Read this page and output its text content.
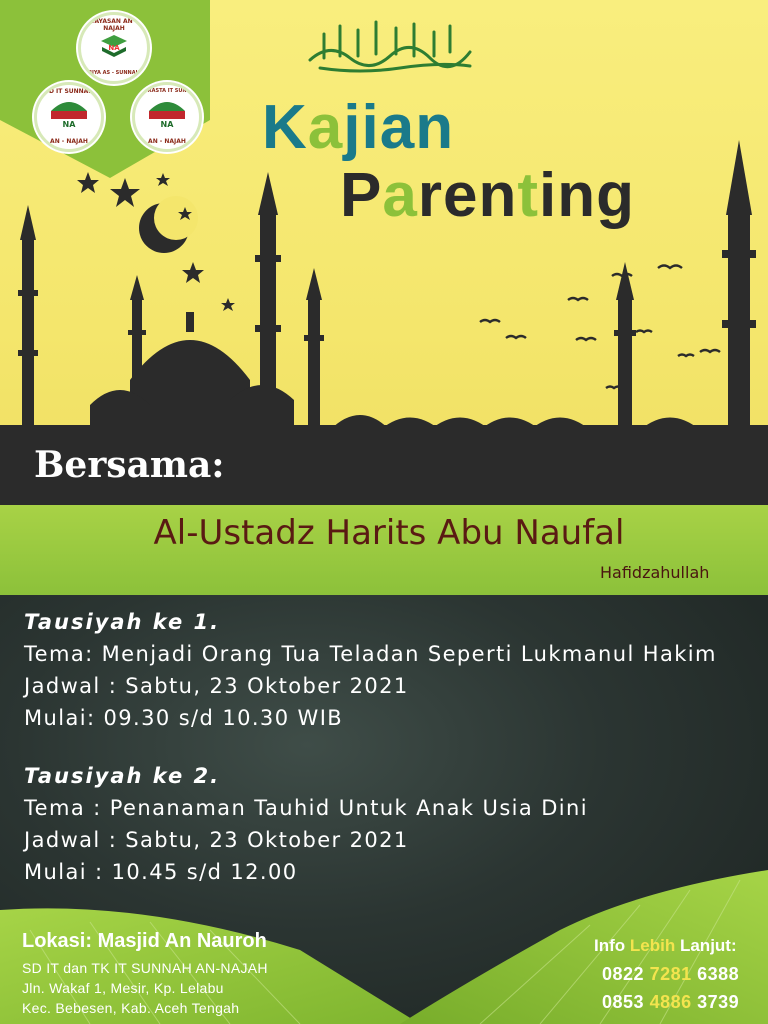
YAYASAN AN - NAJAH
NA
BIYA AS - SUNNAH
SD IT SUNNAH
NA
AN - NAJAH
TK SRASTA IT SUNNAH
NA
AN - NAJAH Kajian
Parenting
Bersama:
Al-Ustadz Harits Abu Naufal
Hafidzahullah
Tausiyah ke 1.
Tema: Menjadi Orang Tua Teladan Seperti Lukmanul Hakim
Jadwal : Sabtu, 23 Oktober 2021
Mulai: 09.30 s/d 10.30 WIB
Tausiyah ke 2.
Tema : Penanaman Tauhid Untuk Anak Usia Dini
Jadwal : Sabtu, 23 Oktober 2021
Mulai : 10.45 s/d 12.00
Lokasi: Masjid An Nauroh
SD IT dan TK IT SUNNAH AN-NAJAH
Jln. Wakaf 1, Mesir, Kp. Lelabu
Kec. Bebesen, Kab. Aceh Tengah
Info Lebih Lanjut:
0822 7281 6388
0853 4886 3739
